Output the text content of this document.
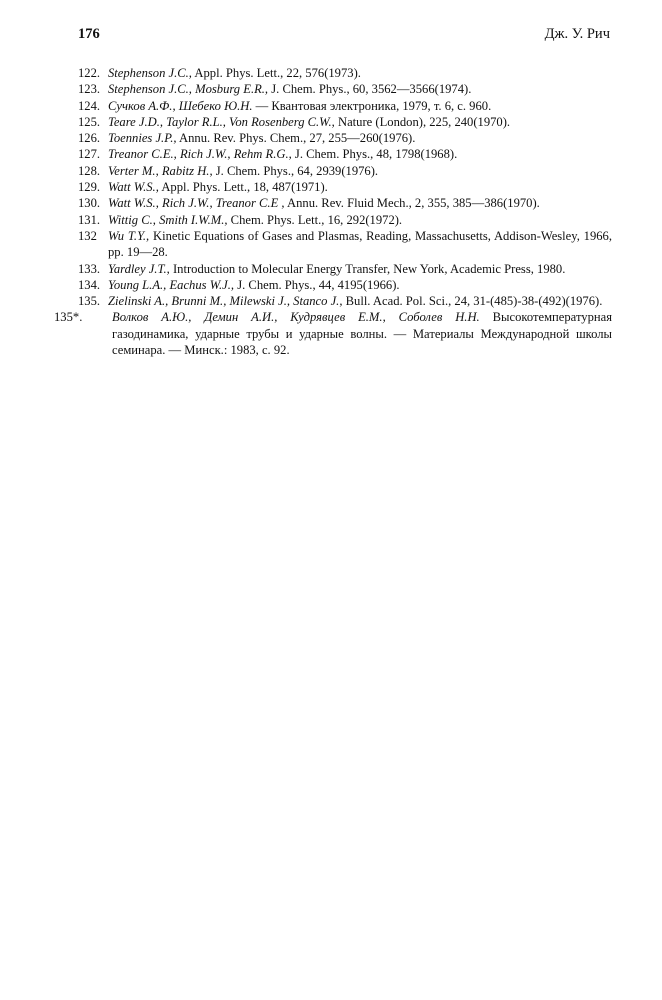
176	Дж. У. Рич
122. Stephenson J.C., Appl. Phys. Lett., 22, 576(1973).
123. Stephenson J.C., Mosburg E.R., J. Chem. Phys., 60, 3562—3566(1974).
124. Сучков А.Ф., Шебеко Ю.Н. — Квантовая электроника, 1979, т. 6, с. 960.
125. Teare J.D., Taylor R.L., Von Rosenberg C.W., Nature (London), 225, 240(1970).
126. Toennies J.P., Annu. Rev. Phys. Chem., 27, 255—260(1976).
127. Treanor C.E., Rich J.W., Rehm R.G., J. Chem. Phys., 48, 1798(1968).
128. Verter M., Rabitz H., J. Chem. Phys., 64, 2939(1976).
129. Watt W.S., Appl. Phys. Lett., 18, 487(1971).
130. Watt W.S., Rich J.W., Treanor C.E , Annu. Rev. Fluid Mech., 2, 355, 385—386(1970).
131. Wittig C., Smith I.W.M., Chem. Phys. Lett., 16, 292(1972).
132 Wu T.Y., Kinetic Equations of Gases and Plasmas, Reading, Massachusetts, Addison-Wesley, 1966, pp. 19—28.
133. Yardley J.T., Introduction to Molecular Energy Transfer, New York, Academic Press, 1980.
134. Young L.A., Eachus W.J., J. Chem. Phys., 44, 4195(1966).
135. Zielinski A., Brunni M., Milewski J., Stanco J., Bull. Acad. Pol. Sci., 24, 31-(485)-38-(492)(1976).
135*.	Волков А.Ю., Демин А.И., Кудрявцев Е.М., Соболев Н.Н. Высокотемпературная газодинамика, ударные трубы и ударные волны. — Материалы Международной школы семинара. — Минск.: 1983, с. 92.
